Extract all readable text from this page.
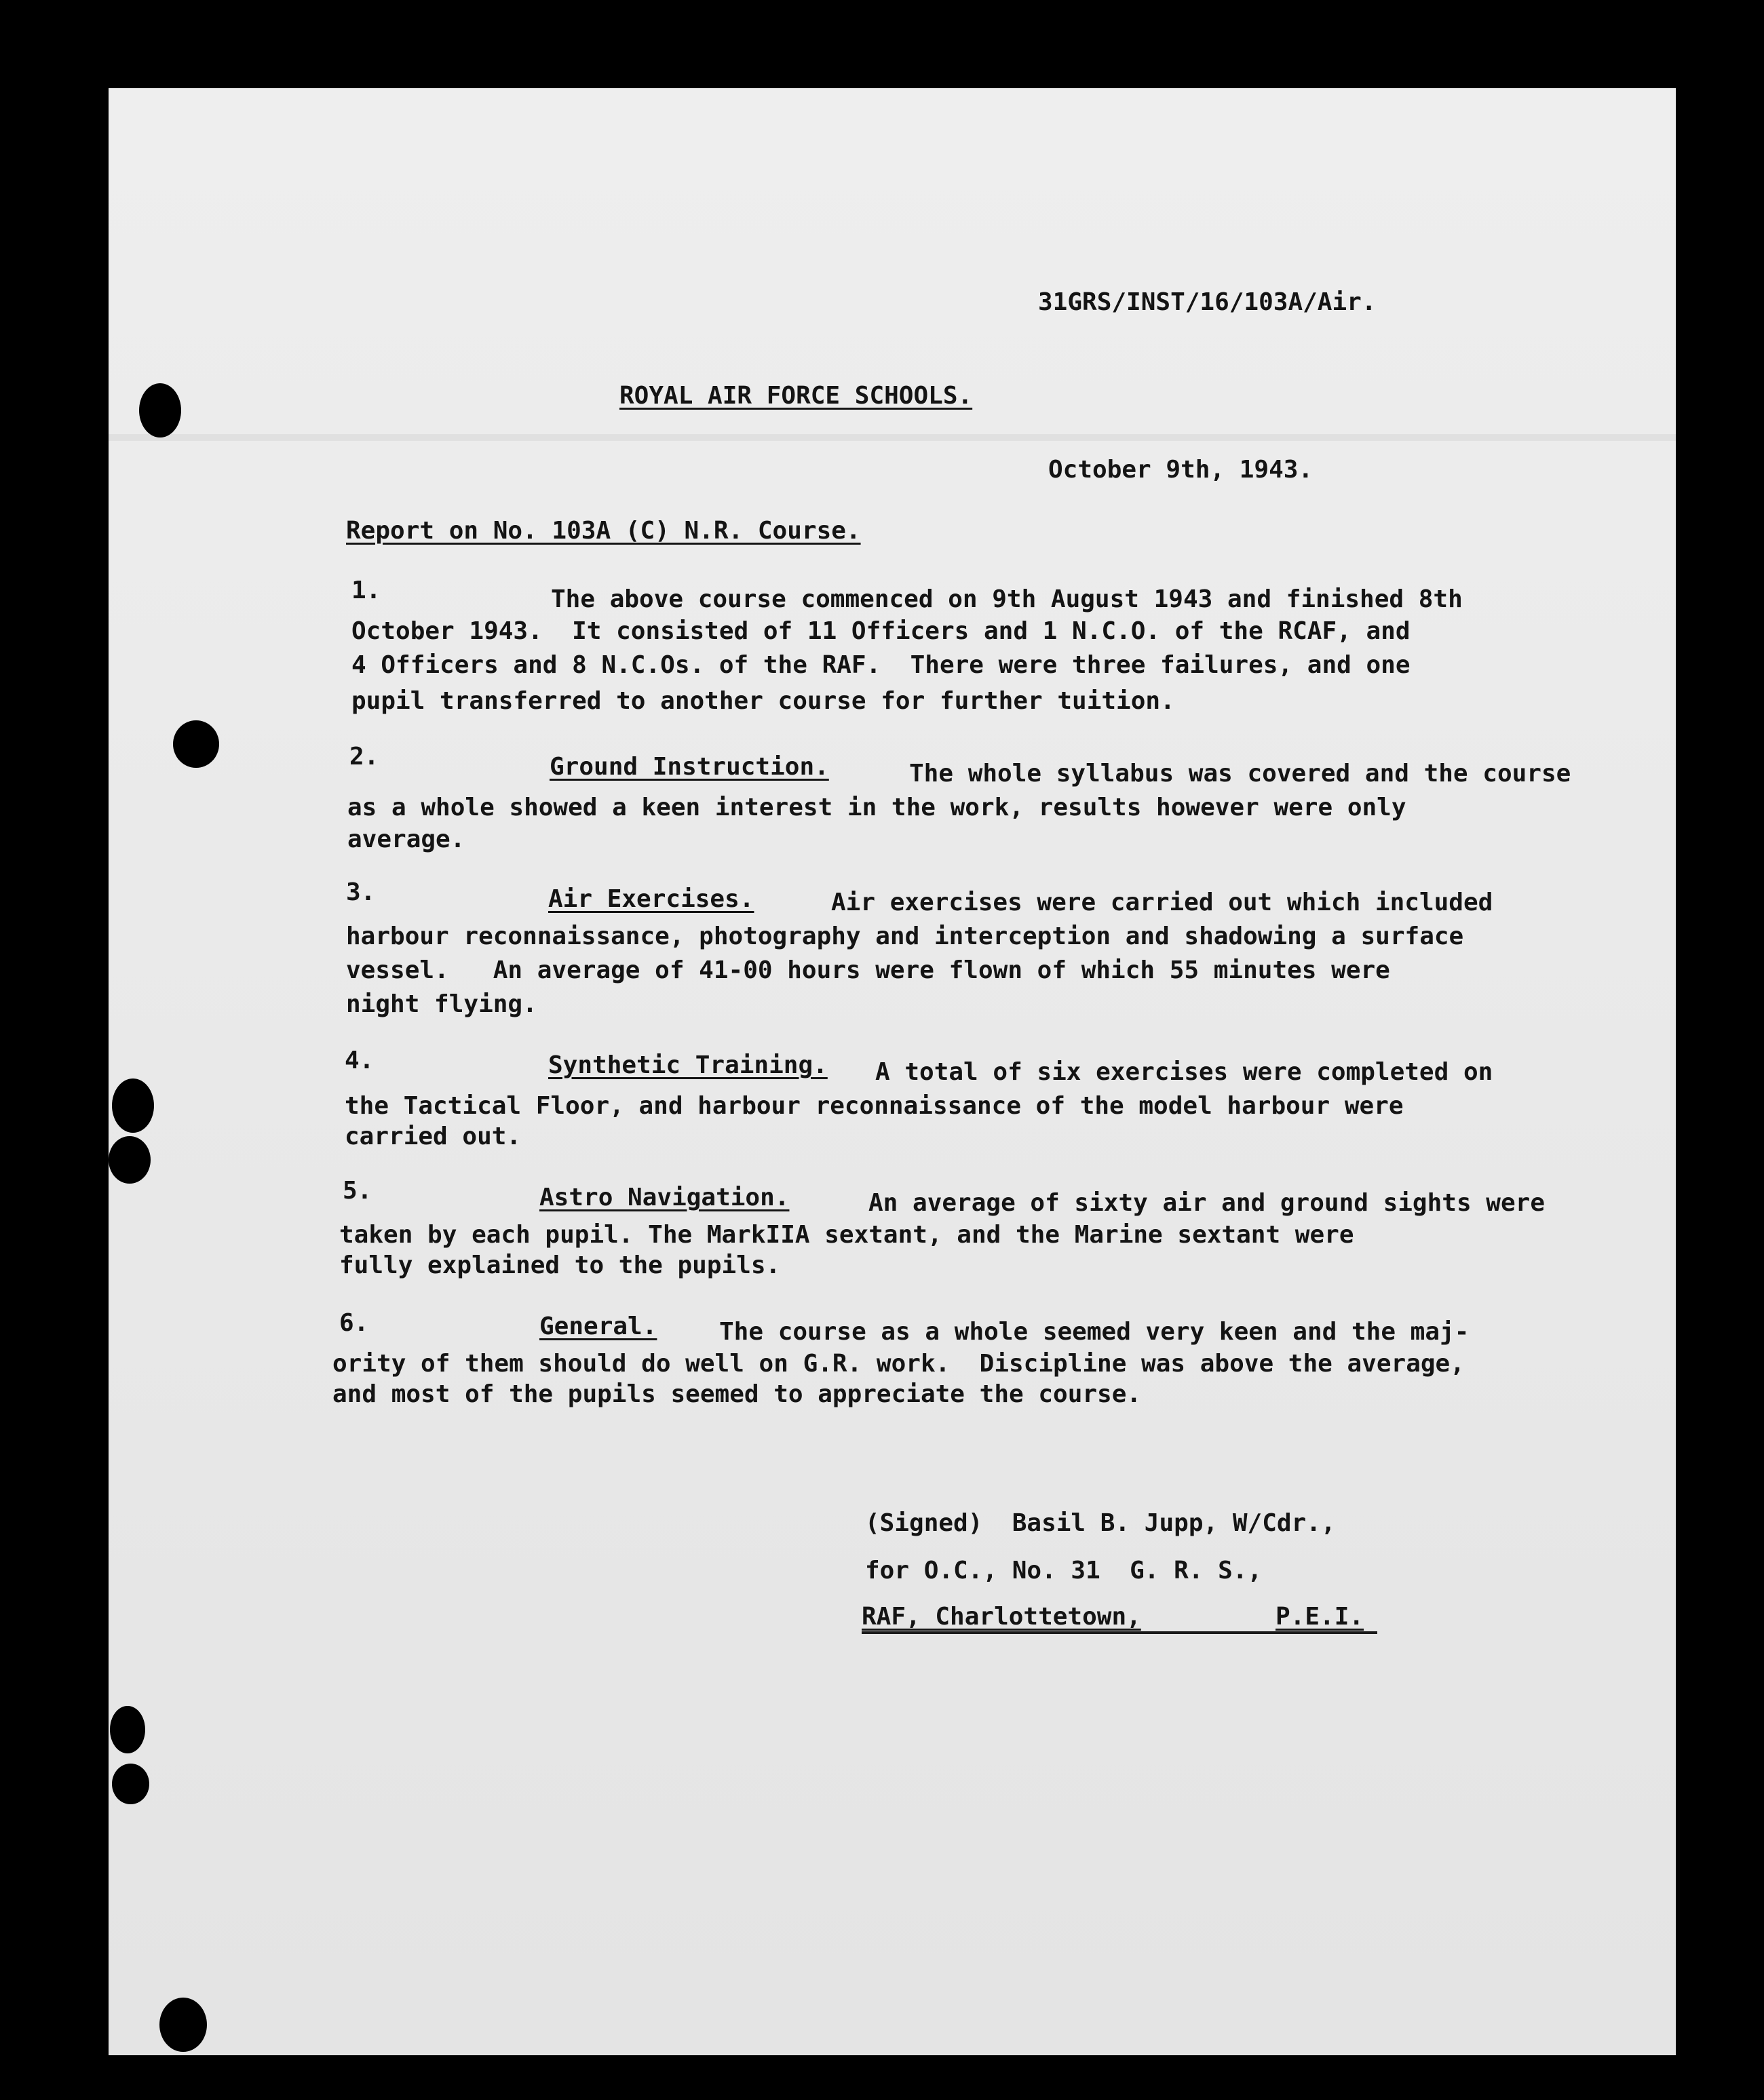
31GRS/INST/16/103A/Air.
ROYAL AIR FORCE SCHOOLS.
October 9th, 1943.
Report on No. 103A (C) N.R. Course.
1.	The above course commenced on 9th August 1943 and finished 8th
October 1943.  It consisted of 11 Officers and 1 N.C.O. of the RCAF, and
4 Officers and 8 N.C.Os. of the RAF.  There were three failures, and one
pupil transferred to another course for further tuition.
2.	Ground Instruction.	The whole syllabus was covered and the course
as a whole showed a keen interest in the work, results however were only
average.
3.	Air Exercises.	Air exercises were carried out which included
harbour reconnaissance, photography and interception and shadowing a surface
vessel.   An average of 41-00 hours were flown of which 55 minutes were
night flying.
4.	Synthetic Training. A total of six exercises were completed on
the Tactical Floor, and harbour reconnaissance of the model harbour were
carried out.
5.	Astro Navigation.	An average of sixty air and ground sights were
taken by each pupil. The MarkIIA sextant, and the Marine sextant were
fully explained to the pupils.
6.	General.	The course as a whole seemed very keen and the maj-
ority of them should do well on G.R. work.  Discipline was above the average,
and most of the pupils seemed to appreciate the course.
(Signed)  Basil B. Jupp, W/Cdr.,
for O.C., No. 31  G. R. S.,
RAF, Charlottetown,	P.E.I.
